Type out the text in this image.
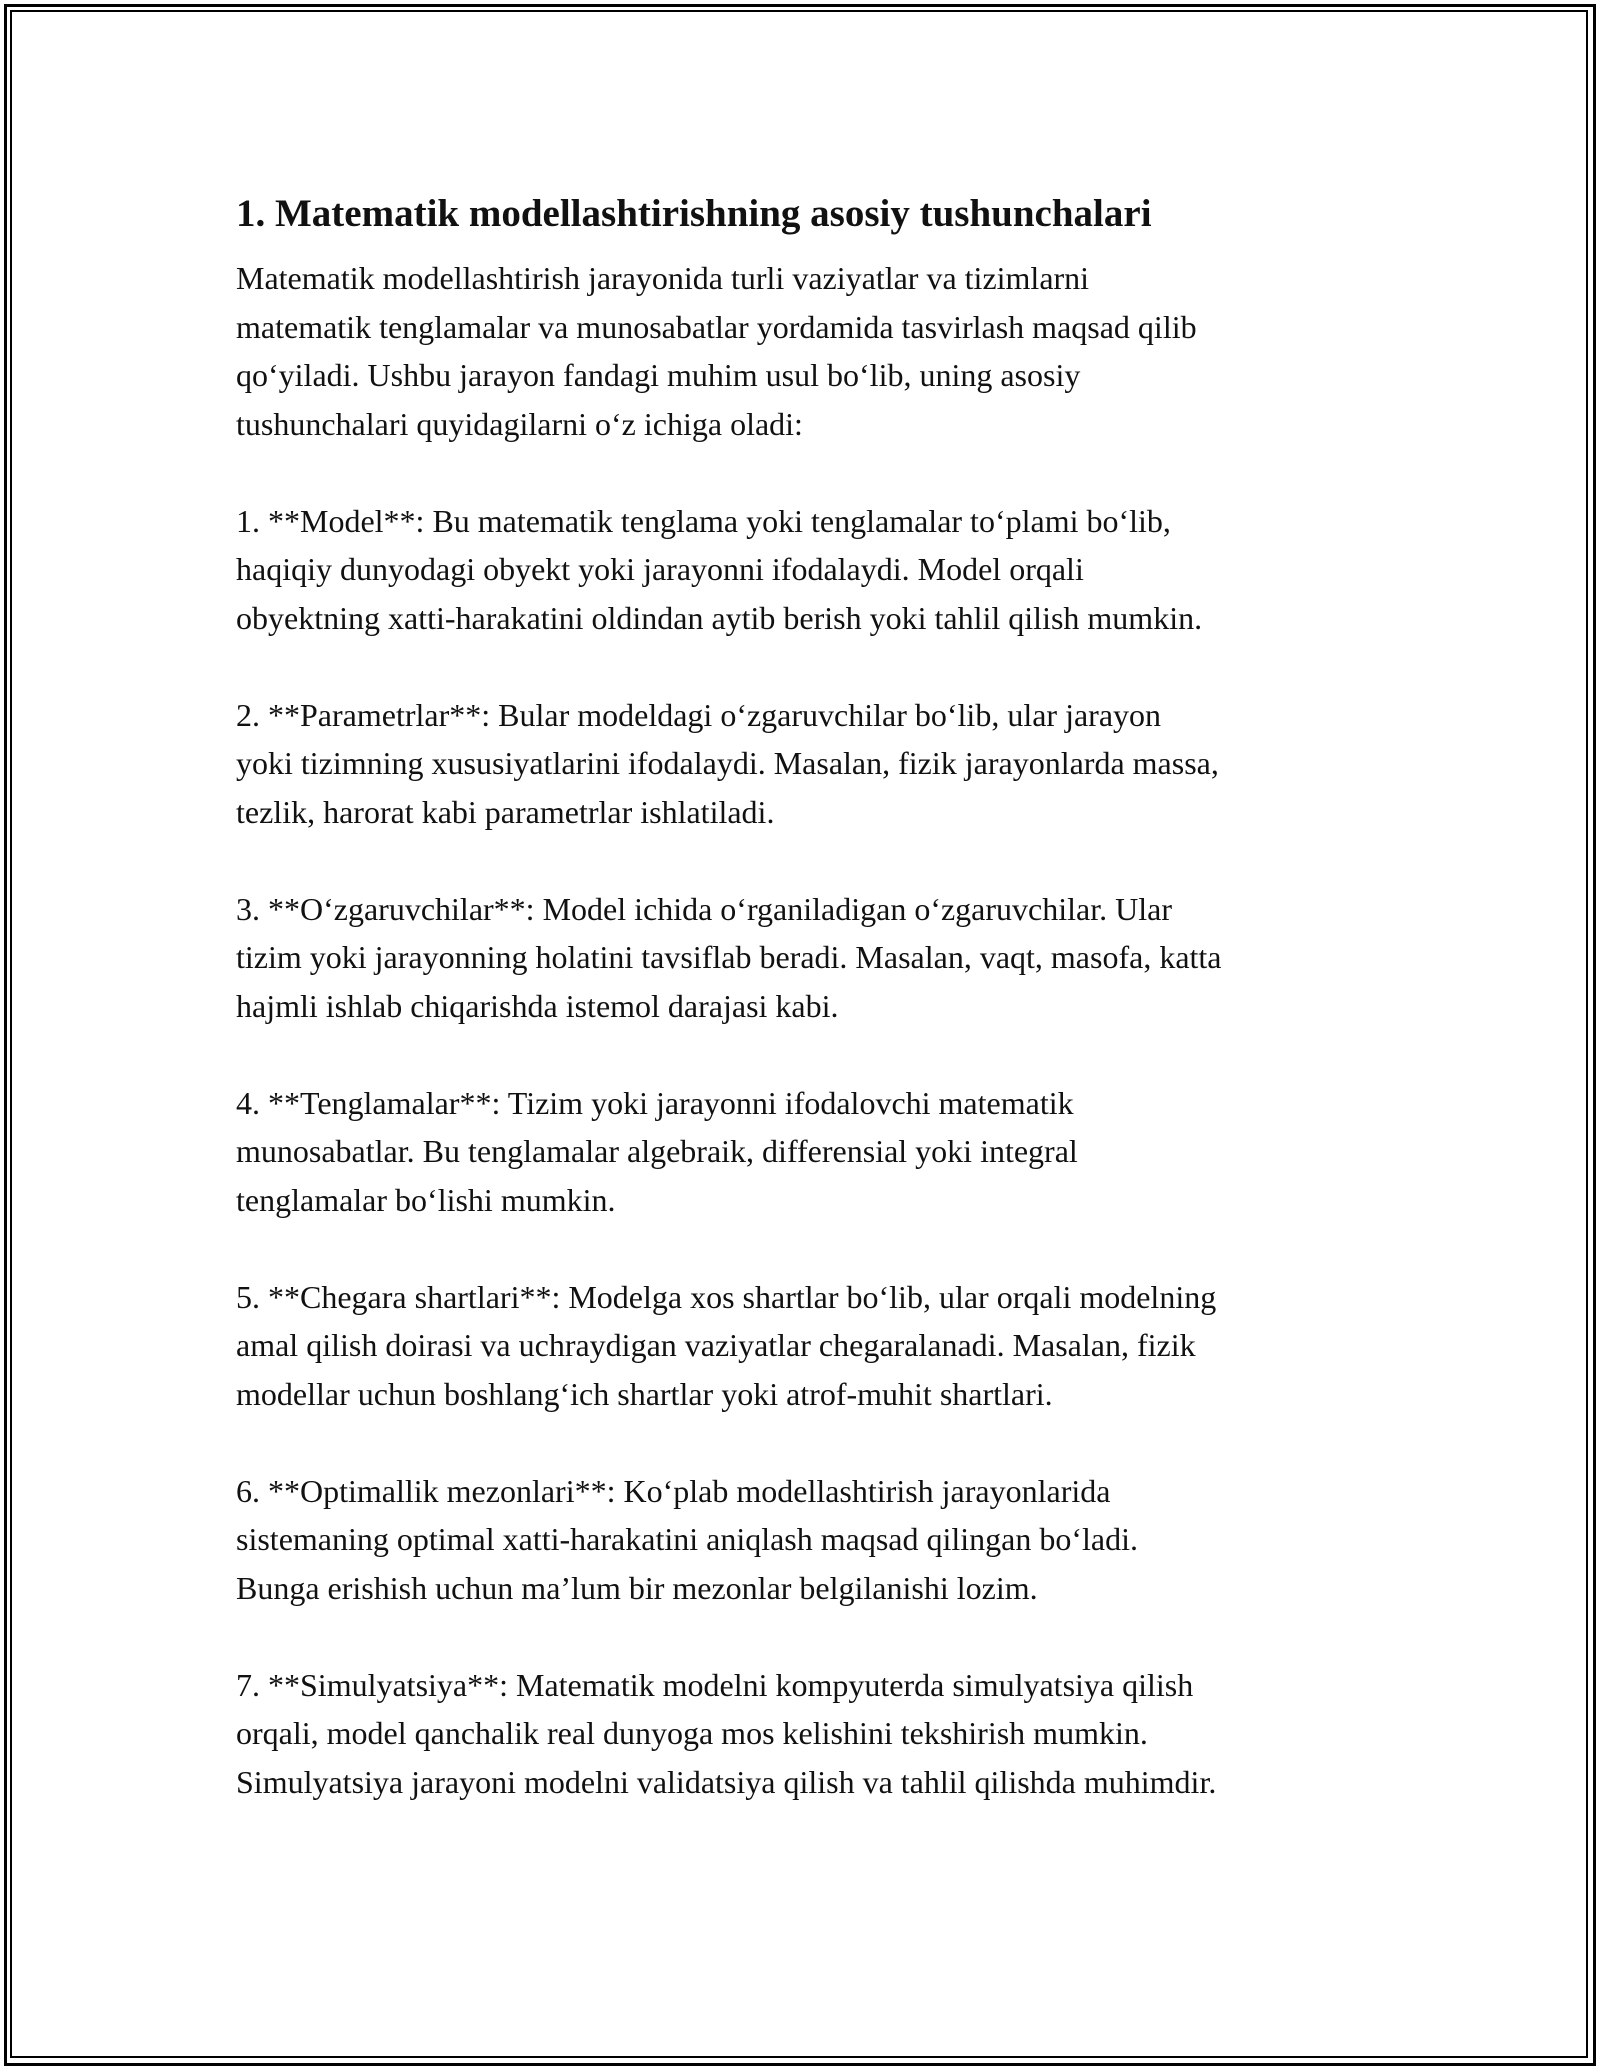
1. Matematik modellashtirishning asosiy tushunchalari

Matematik modellashtirish jarayonida turli vaziyatlar va tizimlarni
matematik tenglamalar va munosabatlar yordamida tasvirlash maqsad qilib
qo‘yiladi. Ushbu jarayon fandagi muhim usul bo‘lib, uning asosiy
tushunchalari quyidagilarni o‘z ichiga oladi:

1. **Model**: Bu matematik tenglama yoki tenglamalar to‘plami bo‘lib,
haqiqiy dunyodagi obyekt yoki jarayonni ifodalaydi. Model orqali
obyektning xatti-harakatini oldindan aytib berish yoki tahlil qilish mumkin.

2. **Parametrlar**: Bular modeldagi o‘zgaruvchilar bo‘lib, ular jarayon
yoki tizimning xususiyatlarini ifodalaydi. Masalan, fizik jarayonlarda massa,
tezlik, harorat kabi parametrlar ishlatiladi.

3. **O‘zgaruvchilar**: Model ichida o‘rganiladigan o‘zgaruvchilar. Ular
tizim yoki jarayonning holatini tavsiflab beradi. Masalan, vaqt, masofa, katta
hajmli ishlab chiqarishda istemol darajasi kabi.

4. **Tenglamalar**: Tizim yoki jarayonni ifodalovchi matematik
munosabatlar. Bu tenglamalar algebraik, differensial yoki integral
tenglamalar bo‘lishi mumkin.

5. **Chegara shartlari**: Modelga xos shartlar bo‘lib, ular orqali modelning
amal qilish doirasi va uchraydigan vaziyatlar chegaralanadi. Masalan, fizik
modellar uchun boshlang‘ich shartlar yoki atrof-muhit shartlari.

6. **Optimallik mezonlari**: Ko‘plab modellashtirish jarayonlarida
sistemaning optimal xatti-harakatini aniqlash maqsad qilingan bo‘ladi.
Bunga erishish uchun ma’lum bir mezonlar belgilanishi lozim.

7. **Simulyatsiya**: Matematik modelni kompyuterda simulyatsiya qilish
orqali, model qanchalik real dunyoga mos kelishini tekshirish mumkin.
Simulyatsiya jarayoni modelni validatsiya qilish va tahlil qilishda muhimdir.
